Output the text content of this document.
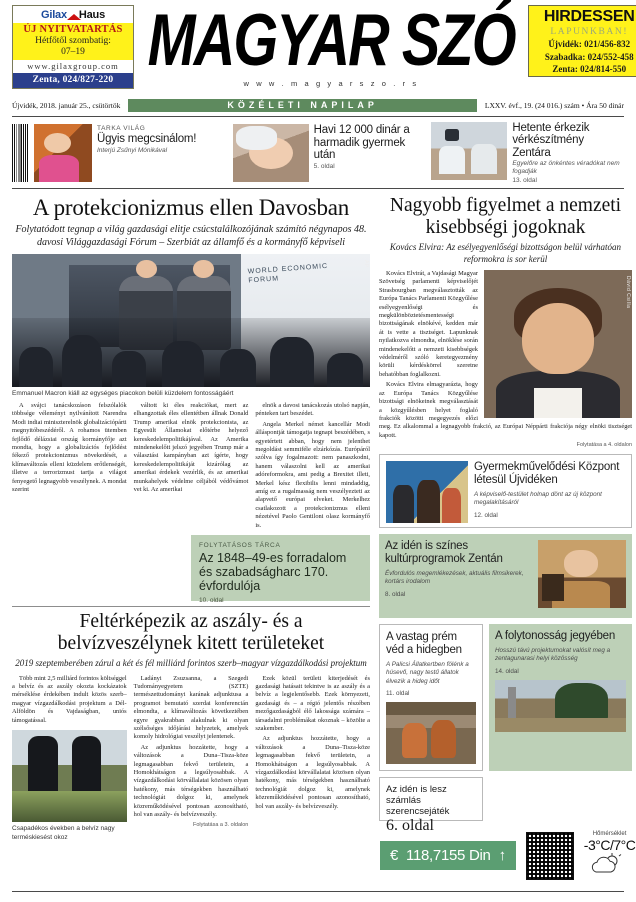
Gilax Haus
ÚJ NYITVATARTÁS
Hétfőtől szombatig:
07–19
www.gilaxgroup.com
Zenta, 024/827-220 MAGYAR SZÓ
w w w . m a g y a r s z o . r s
HIRDESSEN
LAPUNKBAN!
Újvidék: 021/456-832
Szabadka: 024/552-458
Zenta: 024/814-550
Újvidék, 2018. január 25., csütörtök	KÖZÉLETI NAPILAP	LXXV. évf., 19. (24 016.) szám • Ára 50 dinár
TARKA VILÁG
Ügyis megcsinálom!
Interjú Zsűnyi Mónikával
Havi 12 000 dinár a harmadik gyermek után
5. oldal
Hetente érkezik vérkészítmény Zentára
Egyelőre az önkéntes véradókat nem fogadják
13. oldal
A protekcionizmus ellen Davosban
Folytatódott tegnap a világ gazdasági elitje csúcstalálkozójának számító négynapos 48. davosi Világgazdasági Fórum – Szerbiát az államfő és a kormányfő képviseli
WORLD ECONOMIC FORUM
AP
Emmanuel Macron kiáll az egységes piacokon belüli küzdelem fontosságáért

A svájci tanácskozáson felszólalók többsége véleményt nyilvánított Narendra Modi indiai miniszterelnök globalizációpárti megnyitóbeszédéről. A rohamos ütemben fejlődő délázsiai ország kormányfője azt mondta, hogy a globalizációs fejlődést fékező protekcionizmus növekedését, a klímaváltozás elleni küzdelem erőtlenségét, illetve a terrorizmust tartja a világot fenyegető legnagyobb veszélynek. A mondat szerint

váltott ki éles reakciókat, mert az elhangzottak éles ellentétben állnak Donald Trump amerikai elnök protekcionista, az Egyesült Államokat előtérbe helyező kereskedelempolitikájával. Az Amerika mindenekelőtt jelszó jegyében Trump már a választási kampányban azt ígérte, hogy kereskedelempolitikáját kizárólag az amerikai érdekek vezérlik, és az amerikai munkahelyek védelme céljából védővámot vet ki. Az amerikai

elnök a davosi tanácskozás utolsó napján, pénteken tart beszédet.

Angela Merkel német kancellár Modi álláspontját támogatja tegnapi beszédében, s egyetértett abban, hogy nem jelenthet megoldást semmiféle elzárkózás. Európáról szólva így fogalmazott: nem panaszkodni, hanem válaszolni kell az amerikai adóreformokra, ami pedig a Brexitet illeti, Merkel kész flexibilis lenni mindaddig, amíg ez a rugalmasság nem veszélyezteti az alapvető európai elveket. Merkelhez csatlakozott a protekcionizmus elleni nézetével Paolo Gentiloni olasz kormányfő is.

FOLYTATÁSOS TÁRCA
Az 1848–49-es forradalom és szabadságharc 170. évfordulója
10. oldal
Feltérképezik az aszály- és a belvízveszélynek kitett területeket
2019 szeptemberében zárul a két és fél milliárd forintos szerb–magyar vízgazdálkodási projektum

Több mint 2,5 milliárd forintos költséggel a belvíz és az aszály okozta kockázatok mérséklése érdekében indult közös szerb–magyar vízgazdálkodási projektum a Dél-Alföldön és Vajdaságban, uniós támogatással.

Csapadékos években a belvíz nagy terméskiesést okoz

Ladányi Zsuzsanna, a Szegedi Tudományegyetem (SZTE) természettudományi karának adjunktusa a programot bemutató szerdai konferencián elmondta, a klímaváltozás következtében egyre gyakrabban alakulnak ki olyan szélsőséges időjárási helyzetek, amelyek komoly hidrológiai veszélyt jelentenek.

Az adjunktus hozzátette, hogy a változások a Duna–Tisza-köze legmagasabban fekvő területein, a Homokhátságon a legsúlyosabbak. A vízgazdálkodási körvállalatai közösen olyan hatékony, más térségekben használható technológiát dolgoz ki, amelynek közreműködésével pontosan azonosítható, hol van aszály- és belvízveszély.

Folytatása a 3. oldalon

Ezek közül területi kiterjedését és gazdasági hatásait tekintve is az aszály és a belvíz a legjelentősebb. Ezek környezeti, gazdasági és – a régió jelentős részében mezőgazdaságból élő lakossága számára – társadalmi problémákat okoznak – közölte a szakember.

Az adjunktus hozzátette, hogy a változások a Duna–Tisza-köze legmagasabban fekvő területein, a Homokhátságon a legsúlyosabbak. A vízgazdálkodási körvállalatai közösen olyan hatékony, más térségekben használható technológiát dolgoz ki, amelynek közreműködésével pontosan azonosítható, hol van aszály- és belvízveszély.

Nagyobb figyelmet a nemzeti kisebbségi jogoknak
Kovács Elvira: Az esélyegyenlőségi bizottságon belül várhatóan reformokra is sor kerül
Dávid Csilla

Kovács Elvirát, a Vajdasági Magyar Szövetség parlamenti képviselőjét Strasbourgban megválasztották az Európa Tanács Parlamenti Közgyűlése esélyegyenlőségi és megkülönböztetésmentességi bizottságának elnökévé, kedden már át is vette a tisztséget. Lapunknak nyilatkozva elmondta, elnöklése során mindenekelőtt a nemzeti kisebbségek védelméről szóló keretegyezmény körüli kérdéskörrel szeretne behatóbban foglalkozni.

Kovács Elvira elmagyarázta, hogy az Európa Tanács Közgyűlése bizottsági elnökeinek megválasztását a közgyűlésben helyet foglaló frakciók közötti megegyezés előzi meg. Ez alkalommal a legnagyobb frakció, az Európai Néppárti frakciója négy elnöki tisztséget kapott.

Folytatása a 4. oldalon
Gyermekművelődési Központ létesül Újvidéken
A képviselő-testület holnap dönt az új központ megalakításáról
12. oldal
Az idén is színes kultúrprogramok Zentán
Évfordulós megemlékezések, aktuális filmsikerek, kortárs irodalom
8. oldal
A vastag prém véd a hidegben
A Palicsi Állatkertben fölénk a húsevő, nagy testű állatok élvezik a hideg időt
11. oldal
A folytonosság jegyében
Hosszú távú projektumokat valósít meg a zentagunarasi helyi közösség
14. oldal
Az idén is lesz számlás szerencsejáték
6. oldal
€ 118,7155 Din ↑
Hőmérséklet
-3°C/7°C
